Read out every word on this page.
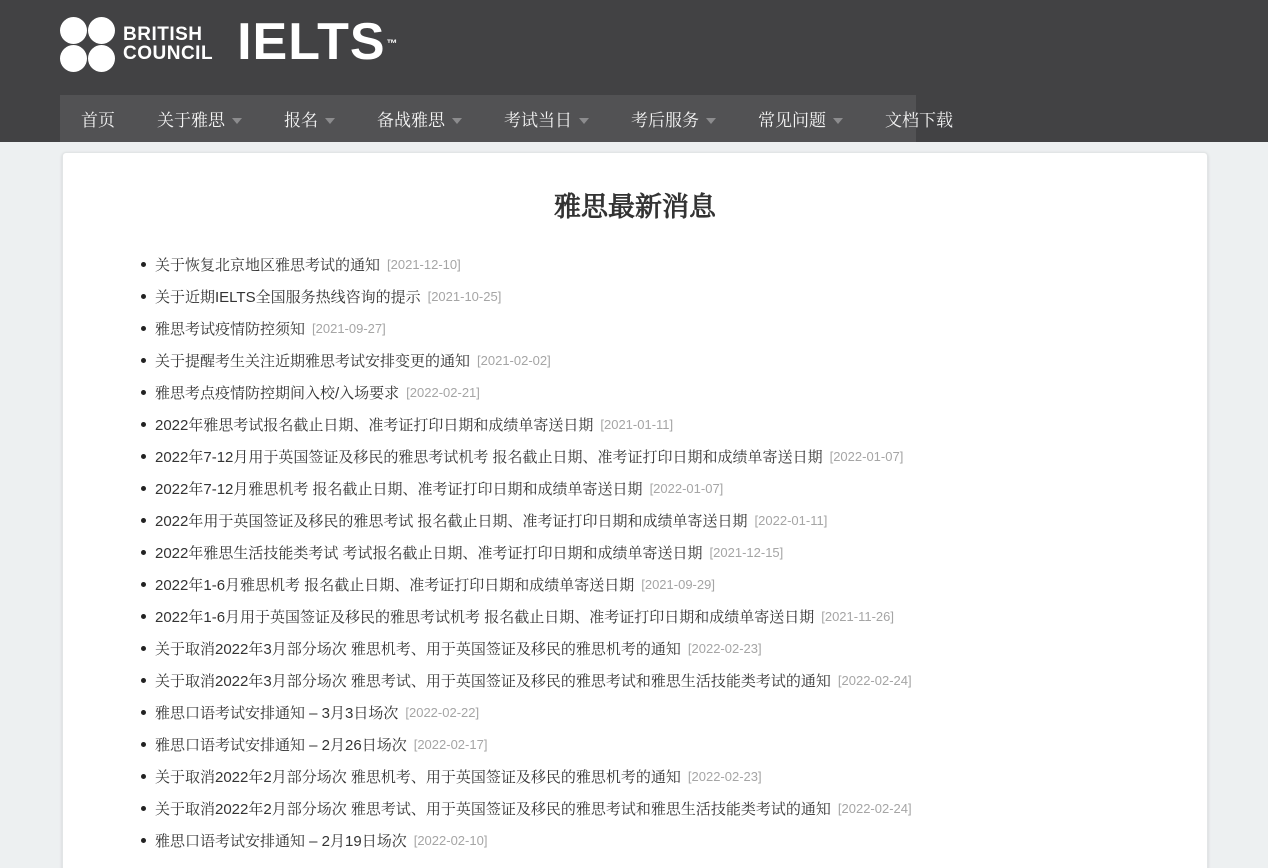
BRITISH
COUNCIL IELTS ™
首页 关于雅思	报名	备战雅思	考试当日	考后服务	常见问题	文档下载
雅思最新消息
关于恢复北京地区雅思考试的通知 [2021-12-10]
关于近期IELTS全国服务热线咨询的提示 [2021-10-25]
雅思考试疫情防控须知 [2021-09-27]
关于提醒考生关注近期雅思考试安排变更的通知 [2021-02-02]
雅思考点疫情防控期间入校/入场要求 [2022-02-21]
2022年雅思考试报名截止日期、准考证打印日期和成绩单寄送日期 [2021-01-11]
2022年7-12月用于英国签证及移民的雅思考试机考 报名截止日期、准考证打印日期和成绩单寄送日期 [2022-01-07]
2022年7-12月雅思机考 报名截止日期、准考证打印日期和成绩单寄送日期 [2022-01-07]
2022年用于英国签证及移民的雅思考试 报名截止日期、准考证打印日期和成绩单寄送日期 [2022-01-11]
2022年雅思生活技能类考试 考试报名截止日期、准考证打印日期和成绩单寄送日期 [2021-12-15]
2022年1-6月雅思机考 报名截止日期、准考证打印日期和成绩单寄送日期 [2021-09-29]
2022年1-6月用于英国签证及移民的雅思考试机考 报名截止日期、准考证打印日期和成绩单寄送日期 [2021-11-26]
关于取消2022年3月部分场次 雅思机考、用于英国签证及移民的雅思机考的通知 [2022-02-23]
关于取消2022年3月部分场次 雅思考试、用于英国签证及移民的雅思考试和雅思生活技能类考试的通知 [2022-02-24]
雅思口语考试安排通知 – 3月3日场次 [2022-02-22]
雅思口语考试安排通知 – 2月26日场次 [2022-02-17]
关于取消2022年2月部分场次 雅思机考、用于英国签证及移民的雅思机考的通知 [2022-02-23]
关于取消2022年2月部分场次 雅思考试、用于英国签证及移民的雅思考试和雅思生活技能类考试的通知 [2022-02-24]
雅思口语考试安排通知 – 2月19日场次 [2022-02-10]
